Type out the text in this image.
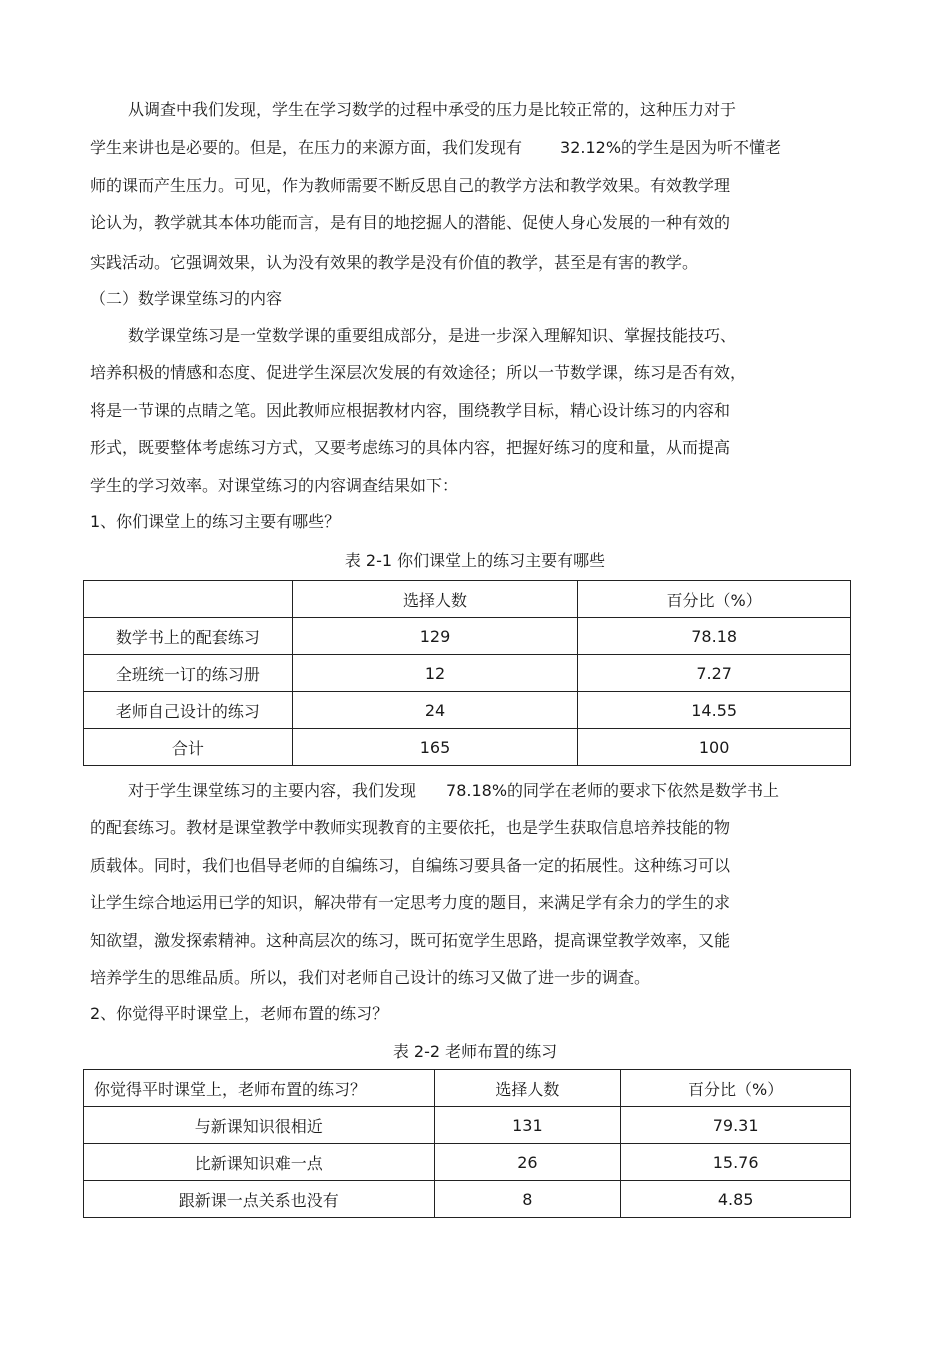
从调查中我们发现，学生在学习数学的过程中承受的压力是比较正常的，这种压力对于
学生来讲也是必要的。但是，在压力的来源方面，我们发现有 32.12%的学生是因为听不懂老
师的课而产生压力。可见，作为教师需要不断反思自己的教学方法和教学效果。有效教学理
论认为，教学就其本体功能而言，是有目的地挖掘人的潜能、促使人身心发展的一种有效的
实践活动。它强调效果，认为没有效果的教学是没有价值的教学，甚至是有害的教学。
（二）数学课堂练习的内容
数学课堂练习是一堂数学课的重要组成部分，是进一步深入理解知识、掌握技能技巧、
培养积极的情感和态度、促进学生深层次发展的有效途径；所以一节数学课，练习是否有效，
将是一节课的点睛之笔。因此教师应根据教材内容，围绕教学目标，精心设计练习的内容和
形式，既要整体考虑练习方式，又要考虑练习的具体内容，把握好练习的度和量，从而提高
学生的学习效率。对课堂练习的内容调查结果如下：
1、你们课堂上的练习主要有哪些？
表 2-1 你们课堂上的练习主要有哪些
	选择人数	百分比（%）
数学书上的配套练习	129	78.18
全班统一订的练习册	12	7.27
老师自己设计的练习	24	14.55
合计	165	100
对于学生课堂练习的主要内容，我们发现 78.18%的同学在老师的要求下依然是数学书上
的配套练习。教材是课堂教学中教师实现教育的主要依托，也是学生获取信息培养技能的物
质载体。同时，我们也倡导老师的自编练习，自编练习要具备一定的拓展性。这种练习可以
让学生综合地运用已学的知识，解决带有一定思考力度的题目，来满足学有余力的学生的求
知欲望，激发探索精神。这种高层次的练习，既可拓宽学生思路，提高课堂教学效率，又能
培养学生的思维品质。所以，我们对老师自己设计的练习又做了进一步的调查。
2、你觉得平时课堂上，老师布置的练习？
表 2-2 老师布置的练习
你觉得平时课堂上，老师布置的练习？	选择人数	百分比（%）
与新课知识很相近	131	79.31
比新课知识难一点	26	15.76
跟新课一点关系也没有	8	4.85
